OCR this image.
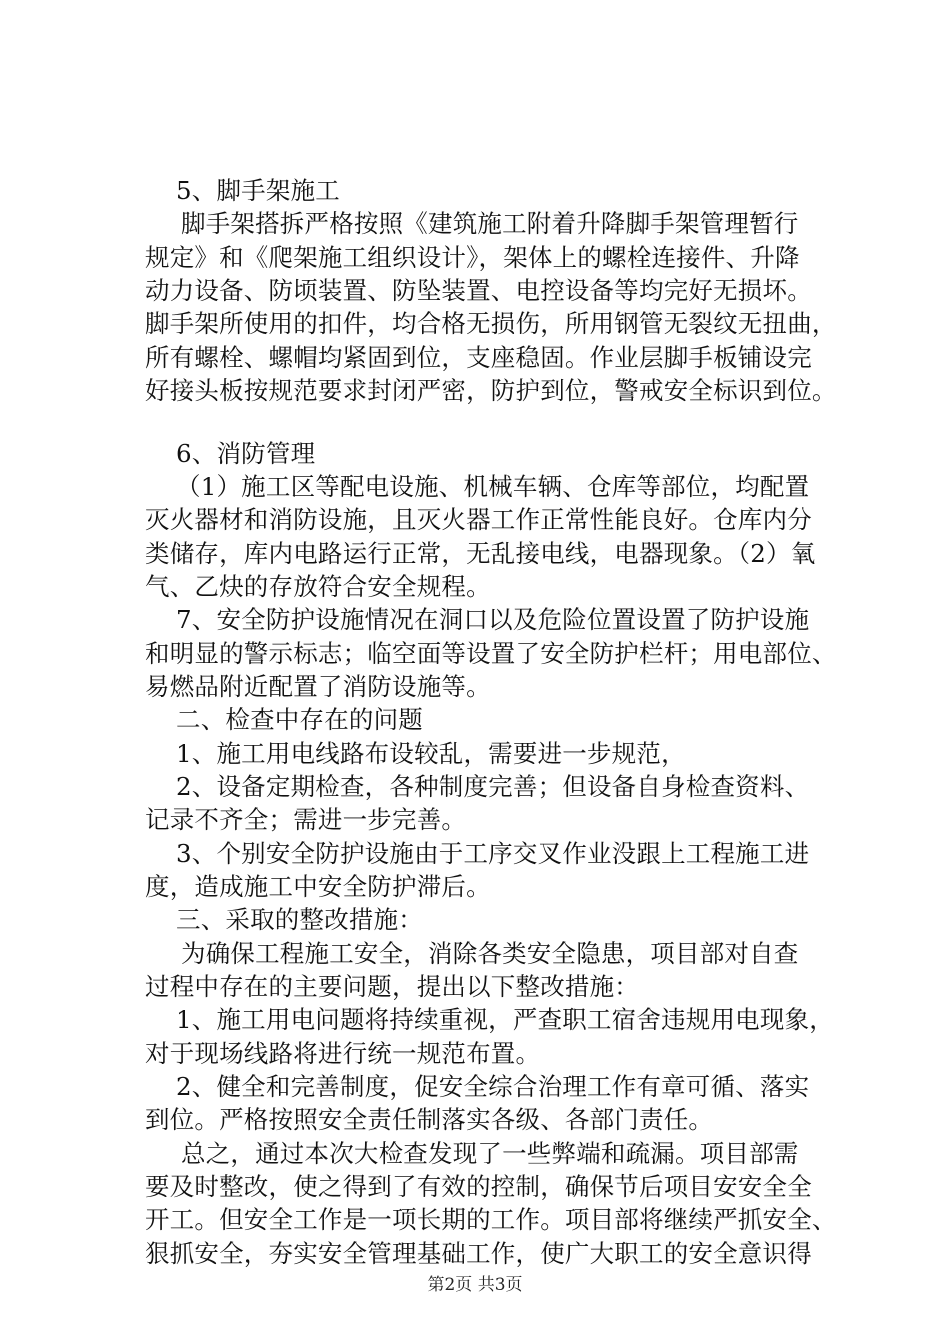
5、脚手架施工
脚手架搭拆严格按照《建筑施工附着升降脚手架管理暂行
规定》和《爬架施工组织设计》，架体上的螺栓连接件、升降
动力设备、防顷装置、防坠装置、电控设备等均完好无损坏。
脚手架所使用的扣件，均合格无损伤，所用钢管无裂纹无扭曲，
所有螺栓、螺帽均紧固到位，支座稳固。作业层脚手板铺设完
好接头板按规范要求封闭严密，防护到位，警戒安全标识到位。
6、消防管理
（1）施工区等配电设施、机械车辆、仓库等部位，均配置
灭火器材和消防设施，且灭火器工作正常性能良好。仓库内分
类储存，库内电路运行正常，无乱接电线，电器现象。（2）氧
气、乙炔的存放符合安全规程。
7、安全防护设施情况在洞口以及危险位置设置了防护设施
和明显的警示标志；临空面等设置了安全防护栏杆；用电部位、
易燃品附近配置了消防设施等。
二、检查中存在的问题
1、施工用电线路布设较乱，需要进一步规范，
2、设备定期检查，各种制度完善；但设备自身检查资料、
记录不齐全；需进一步完善。
3、个别安全防护设施由于工序交叉作业没跟上工程施工进
度，造成施工中安全防护滞后。
三、采取的整改措施：
为确保工程施工安全，消除各类安全隐患，项目部对自查
过程中存在的主要问题，提出以下整改措施：
1、施工用电问题将持续重视，严查职工宿舍违规用电现象，
对于现场线路将进行统一规范布置。
2、健全和完善制度，促安全综合治理工作有章可循、落实
到位。严格按照安全责任制落实各级、各部门责任。
总之，通过本次大检查发现了一些弊端和疏漏。项目部需
要及时整改，使之得到了有效的控制，确保节后项目安安全全
开工。但安全工作是一项长期的工作。项目部将继续严抓安全、
狠抓安全，夯实安全管理基础工作，使广大职工的安全意识得
第2页 共3页
